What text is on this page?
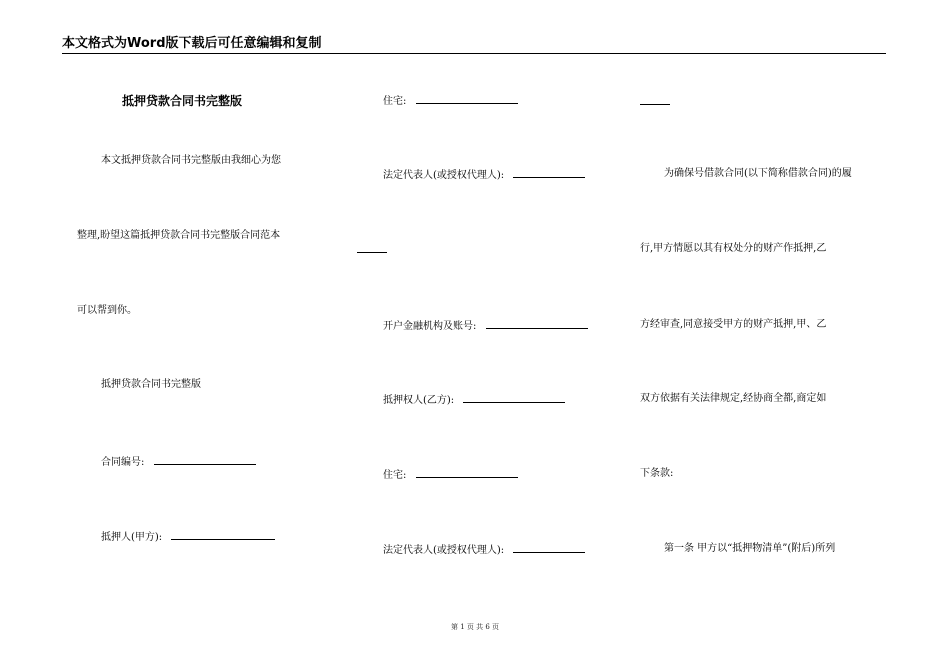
本文格式为Word版下载后可任意编辑和复制
抵押贷款合同书完整版
本文抵押贷款合同书完整版由我细心为您
整理,盼望这篇抵押贷款合同书完整版合同范本
可以帮到你。
抵押贷款合同书完整版
合同编号:
抵押人(甲方):
住宅:
法定代表人(或授权代理人):
开户金融机构及账号:
抵押权人(乙方):
住宅:
法定代表人(或授权代理人):
为确保号借款合同(以下简称借款合同)的履
行,甲方情愿以其有权处分的财产作抵押,乙
方经审查,同意接受甲方的财产抵押,甲、乙
双方依据有关法律规定,经协商全都,商定如
下条款:
第一条 甲方以“抵押物清单”(附后)所列
第 1 页 共 6 页
